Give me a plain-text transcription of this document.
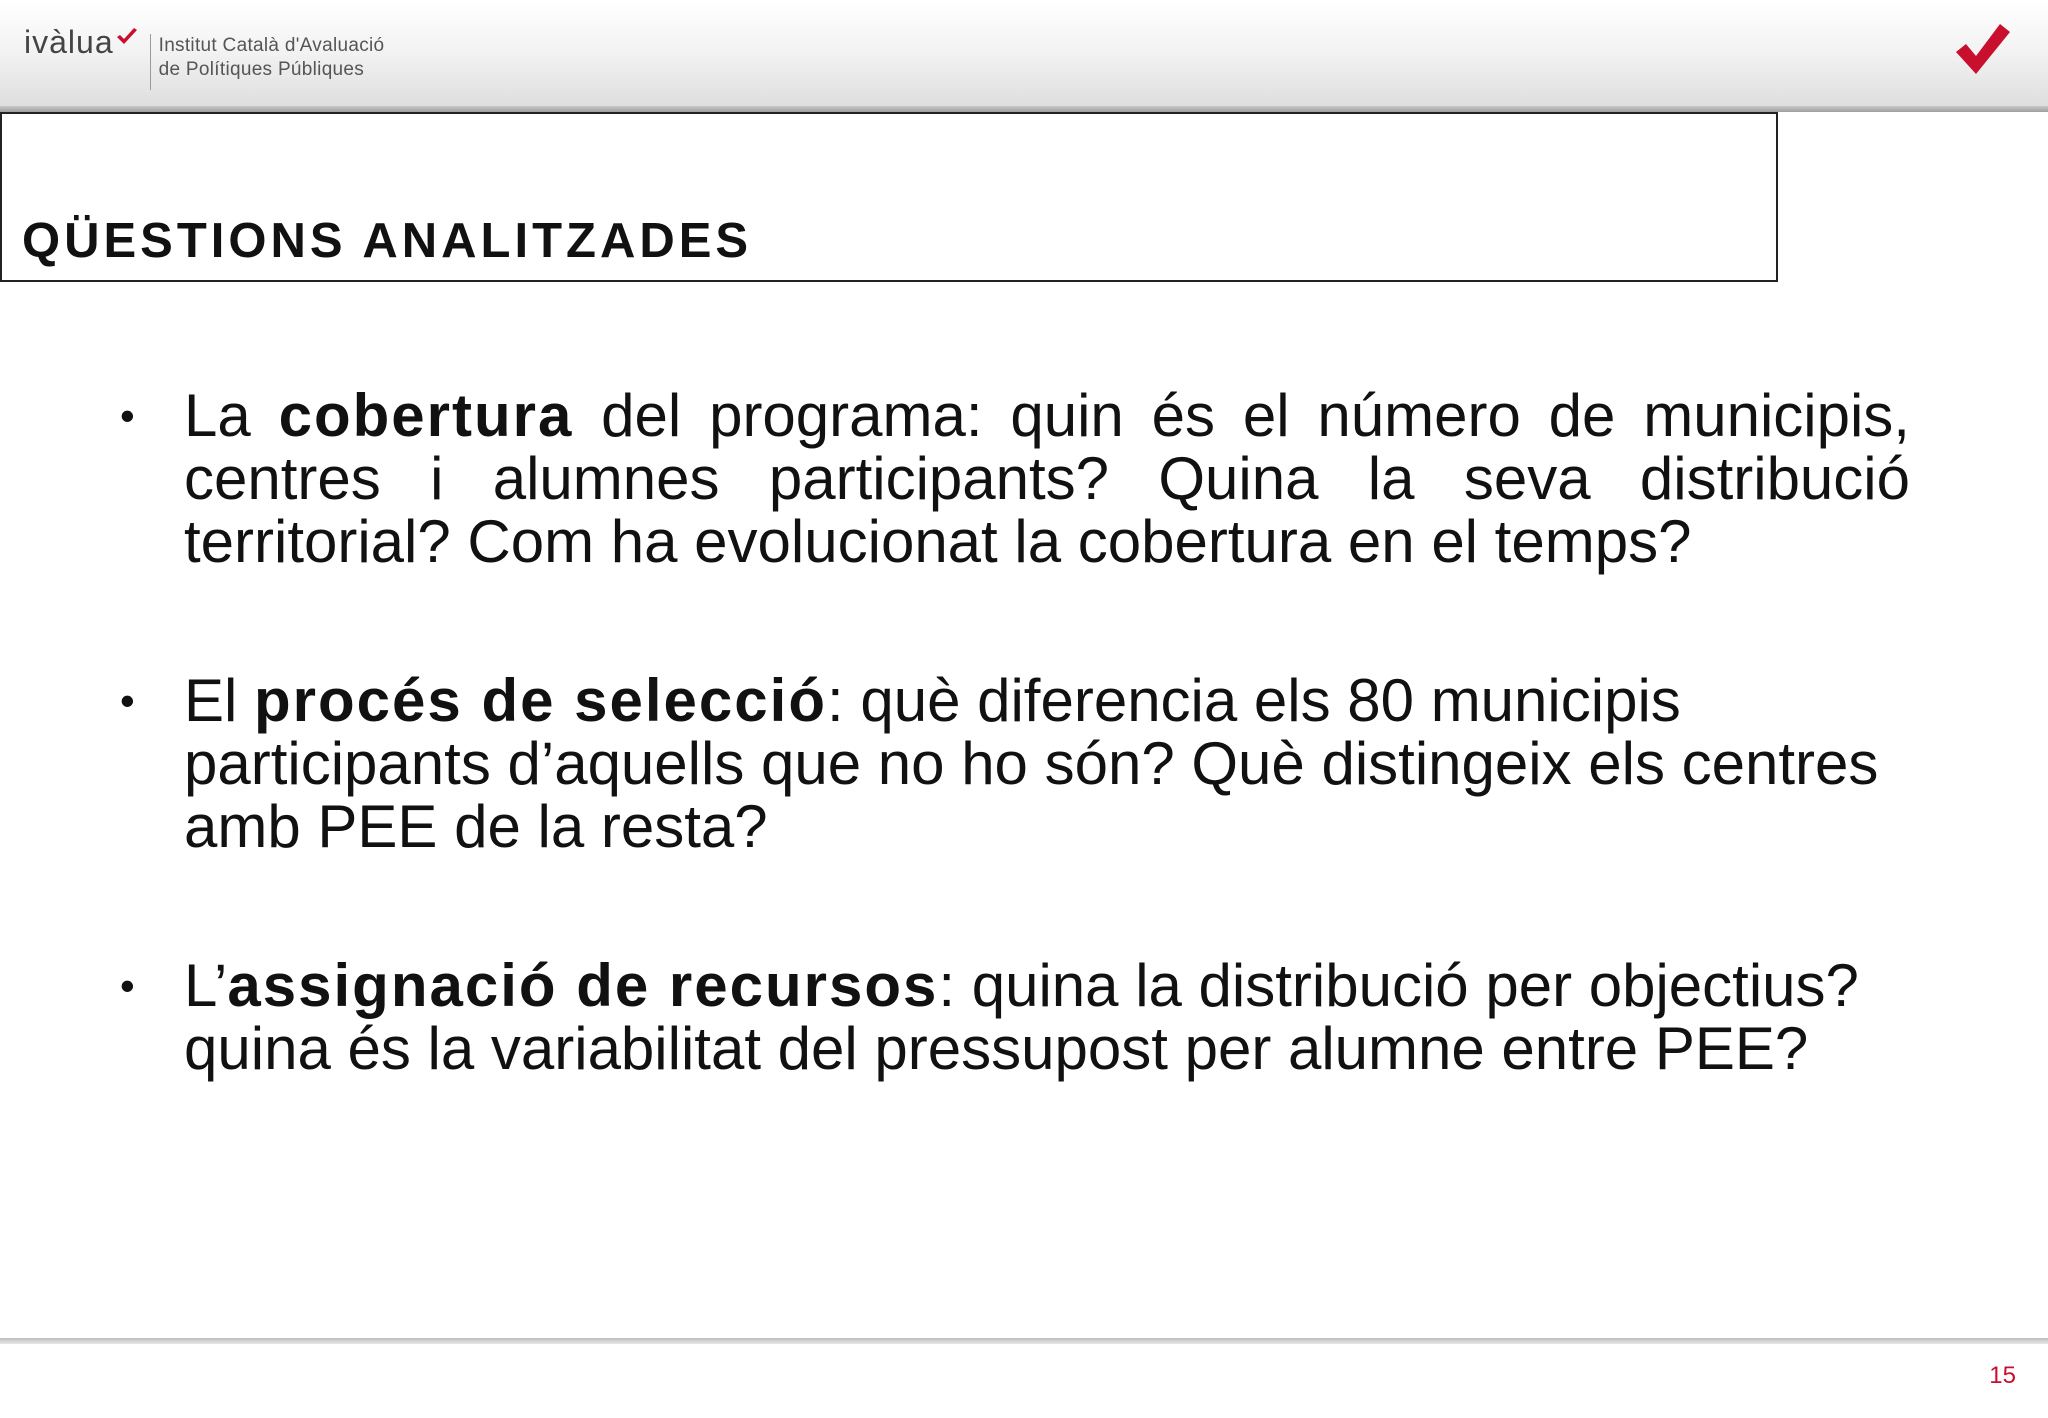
ivàlua Institut Català d'Avaluació
de Polítiques Públiques
QÜESTIONS ANALITZADES
• La cobertura del programa: quin és el número de municipis, centres i alumnes participants? Quina la seva distribució territorial? Com ha evolucionat la cobertura en el temps?
• El procés de selecció: què diferencia els 80 municipis participants d’aquells que no ho són? Què distingeix els centres amb PEE de la resta?
• L’assignació de recursos: quina la distribució per objectius? quina és la variabilitat del pressupost per alumne entre PEE?
15
